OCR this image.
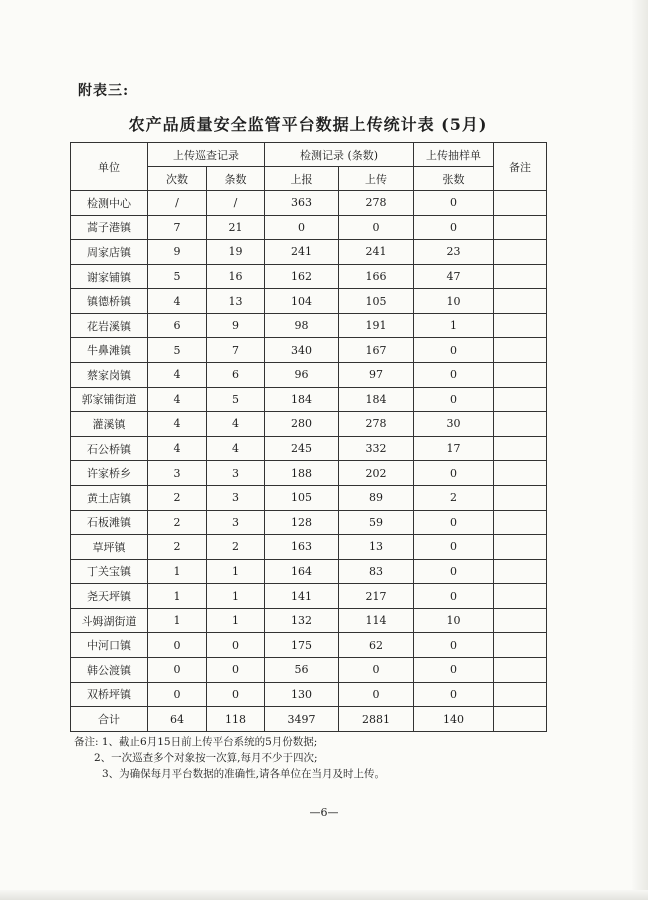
附表三:
农产品质量安全监管平台数据上传统计表 (5月)
单位	上传巡查记录		检测记录 (条数)		上传抽样单	备注
	次数	条数	上报	上传	张数	
检测中心	/	/	363	278	0	
蒿子港镇	7	21	0	0	0	
周家店镇	9	19	241	241	23	
谢家铺镇	5	16	162	166	47	
镇德桥镇	4	13	104	105	10	
花岩溪镇	6	9	98	191	1	
牛鼻滩镇	5	7	340	167	0	
蔡家岗镇	4	6	96	97	0	
郭家铺街道	4	5	184	184	0	
灌溪镇	4	4	280	278	30	
石公桥镇	4	4	245	332	17	
许家桥乡	3	3	188	202	0	
黄土店镇	2	3	105	89	2	
石板滩镇	2	3	128	59	0	
草坪镇	2	2	163	13	0	
丁关宝镇	1	1	164	83	0	
尧天坪镇	1	1	141	217	0	
斗姆湖街道	1	1	132	114	10	
中河口镇	0	0	175	62	0	
韩公渡镇	0	0	56	0	0	
双桥坪镇	0	0	130	0	0	
合计	64	118	3497	2881	140	
备注: 1、截止6月15日前上传平台系统的5月份数据;
2、一次巡查多个对象按一次算,每月不少于四次;
3、为确保每月平台数据的准确性,请各单位在当月及时上传。
—6—
